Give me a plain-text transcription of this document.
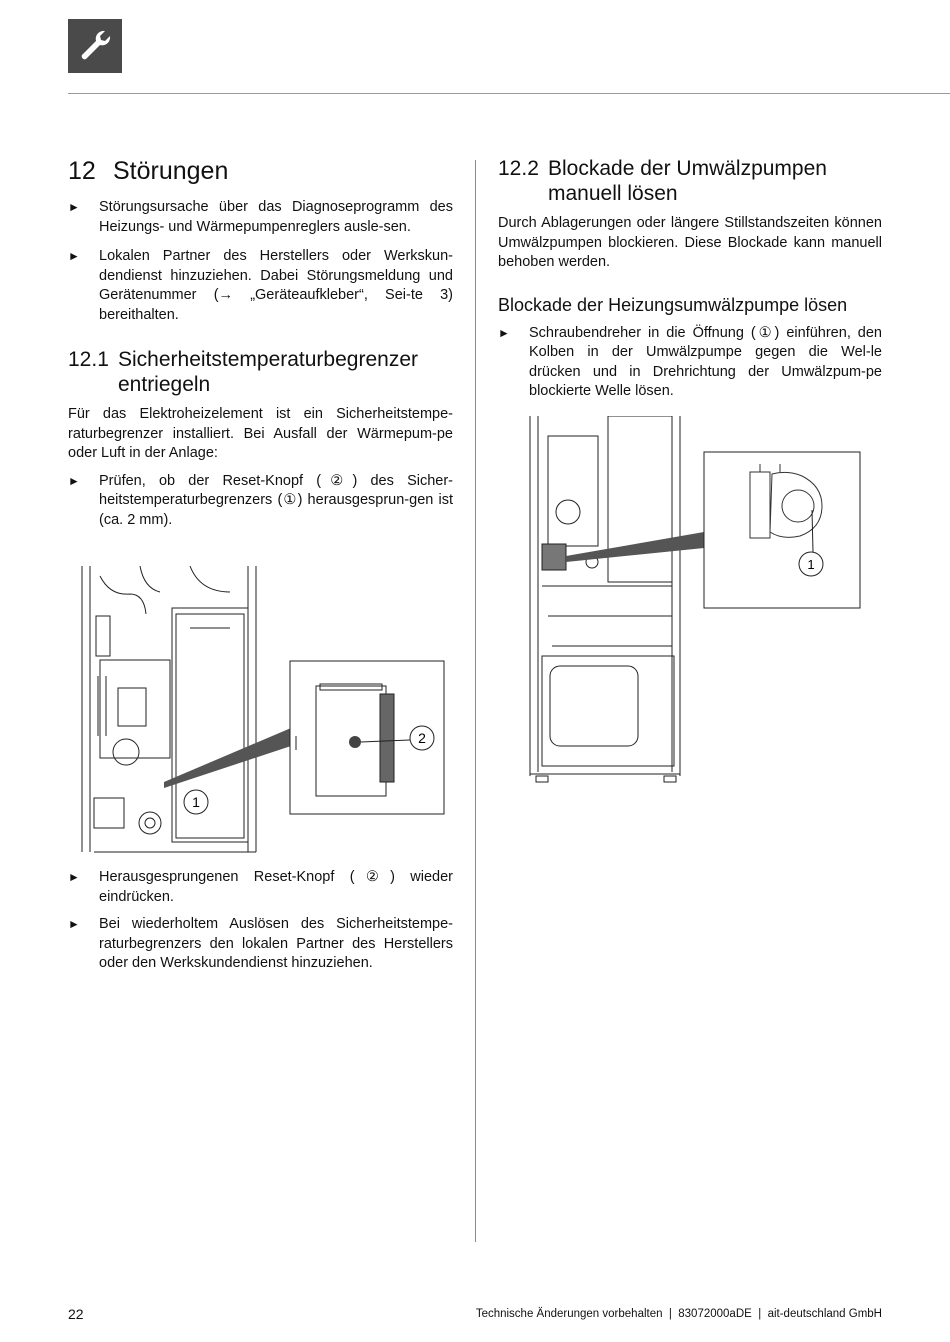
12 Störungen
► Störungsursache über das Diagnoseprogramm des Heizungs- und Wärmepumpenreglers ausle-sen.
► Lokalen Partner des Herstellers oder Werkskun-dendienst hinzuziehen. Dabei Störungsmeldung und Gerätenummer (→ „Geräteaufkleber“, Sei-te 3) bereithalten.
12.1 Sicherheitstemperaturbegrenzer entriegeln

Für das Elektroheizelement ist ein Sicherheitstempe-raturbegrenzer installiert. Bei Ausfall der Wärmepum-pe oder Luft in der Anlage:

► Prüfen, ob der Reset-Knopf (②) des Sicher-heitstemperaturbegrenzers (①) herausgesprun-gen ist (ca. 2 mm).
1
2
► Herausgesprungenen Reset-Knopf (②) wieder eindrücken.
► Bei wiederholtem Auslösen des Sicherheitstempe-raturbegrenzers den lokalen Partner des Herstellers oder den Werkskundendienst hinzuziehen.
12.2 Blockade der Umwälzpumpen manuell lösen

Durch Ablagerungen oder längere Stillstandszeiten können Umwälzpumpen blockieren. Diese Blockade kann manuell behoben werden.

Blockade der Heizungsumwälzpumpe lösen
► Schraubendreher in die Öffnung (①) einführen, den Kolben in der Umwälzpumpe gegen die Wel-le drücken und in Drehrichtung der Umwälzpum-pe blockierte Welle lösen.
1
22	Technische Änderungen vorbehalten  |  83072000aDE  |  ait-deutschland GmbH
